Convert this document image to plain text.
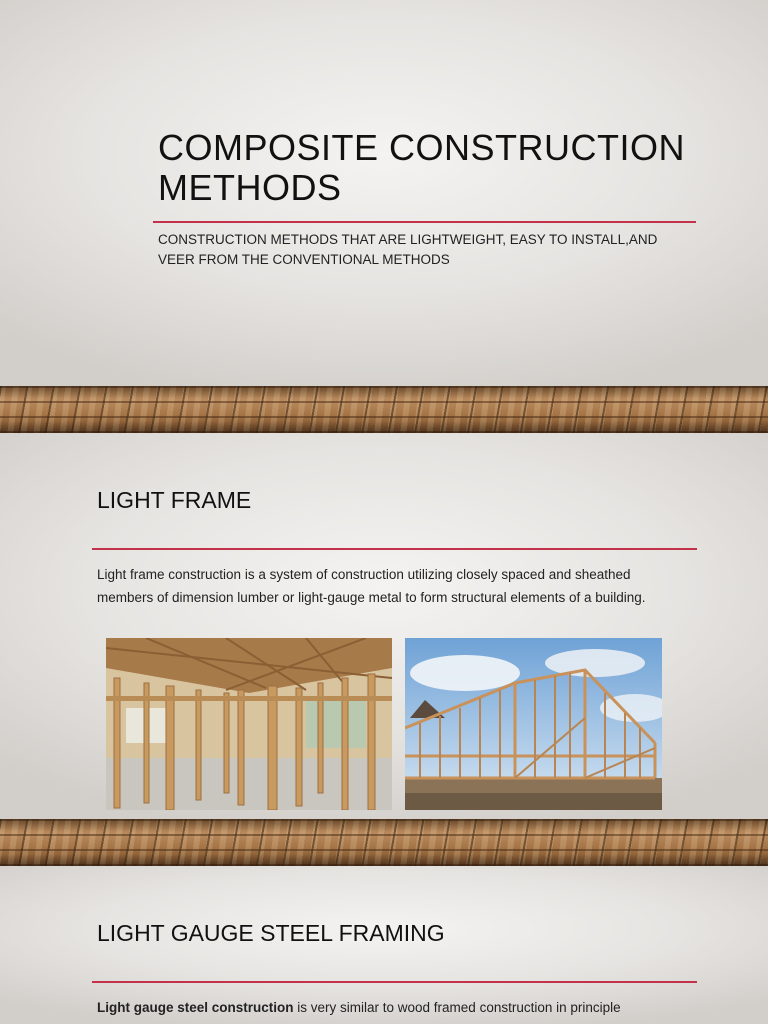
COMPOSITE CONSTRUCTION METHODS
CONSTRUCTION METHODS THAT ARE LIGHTWEIGHT, EASY TO INSTALL,AND VEER FROM THE CONVENTIONAL METHODS
LIGHT FRAME
Light frame construction is a system of construction utilizing closely spaced and sheathed members of dimension lumber or light-gauge metal to form structural elements of a building.
LIGHT GAUGE STEEL FRAMING
Light gauge steel construction is very similar to wood framed construction in principle
